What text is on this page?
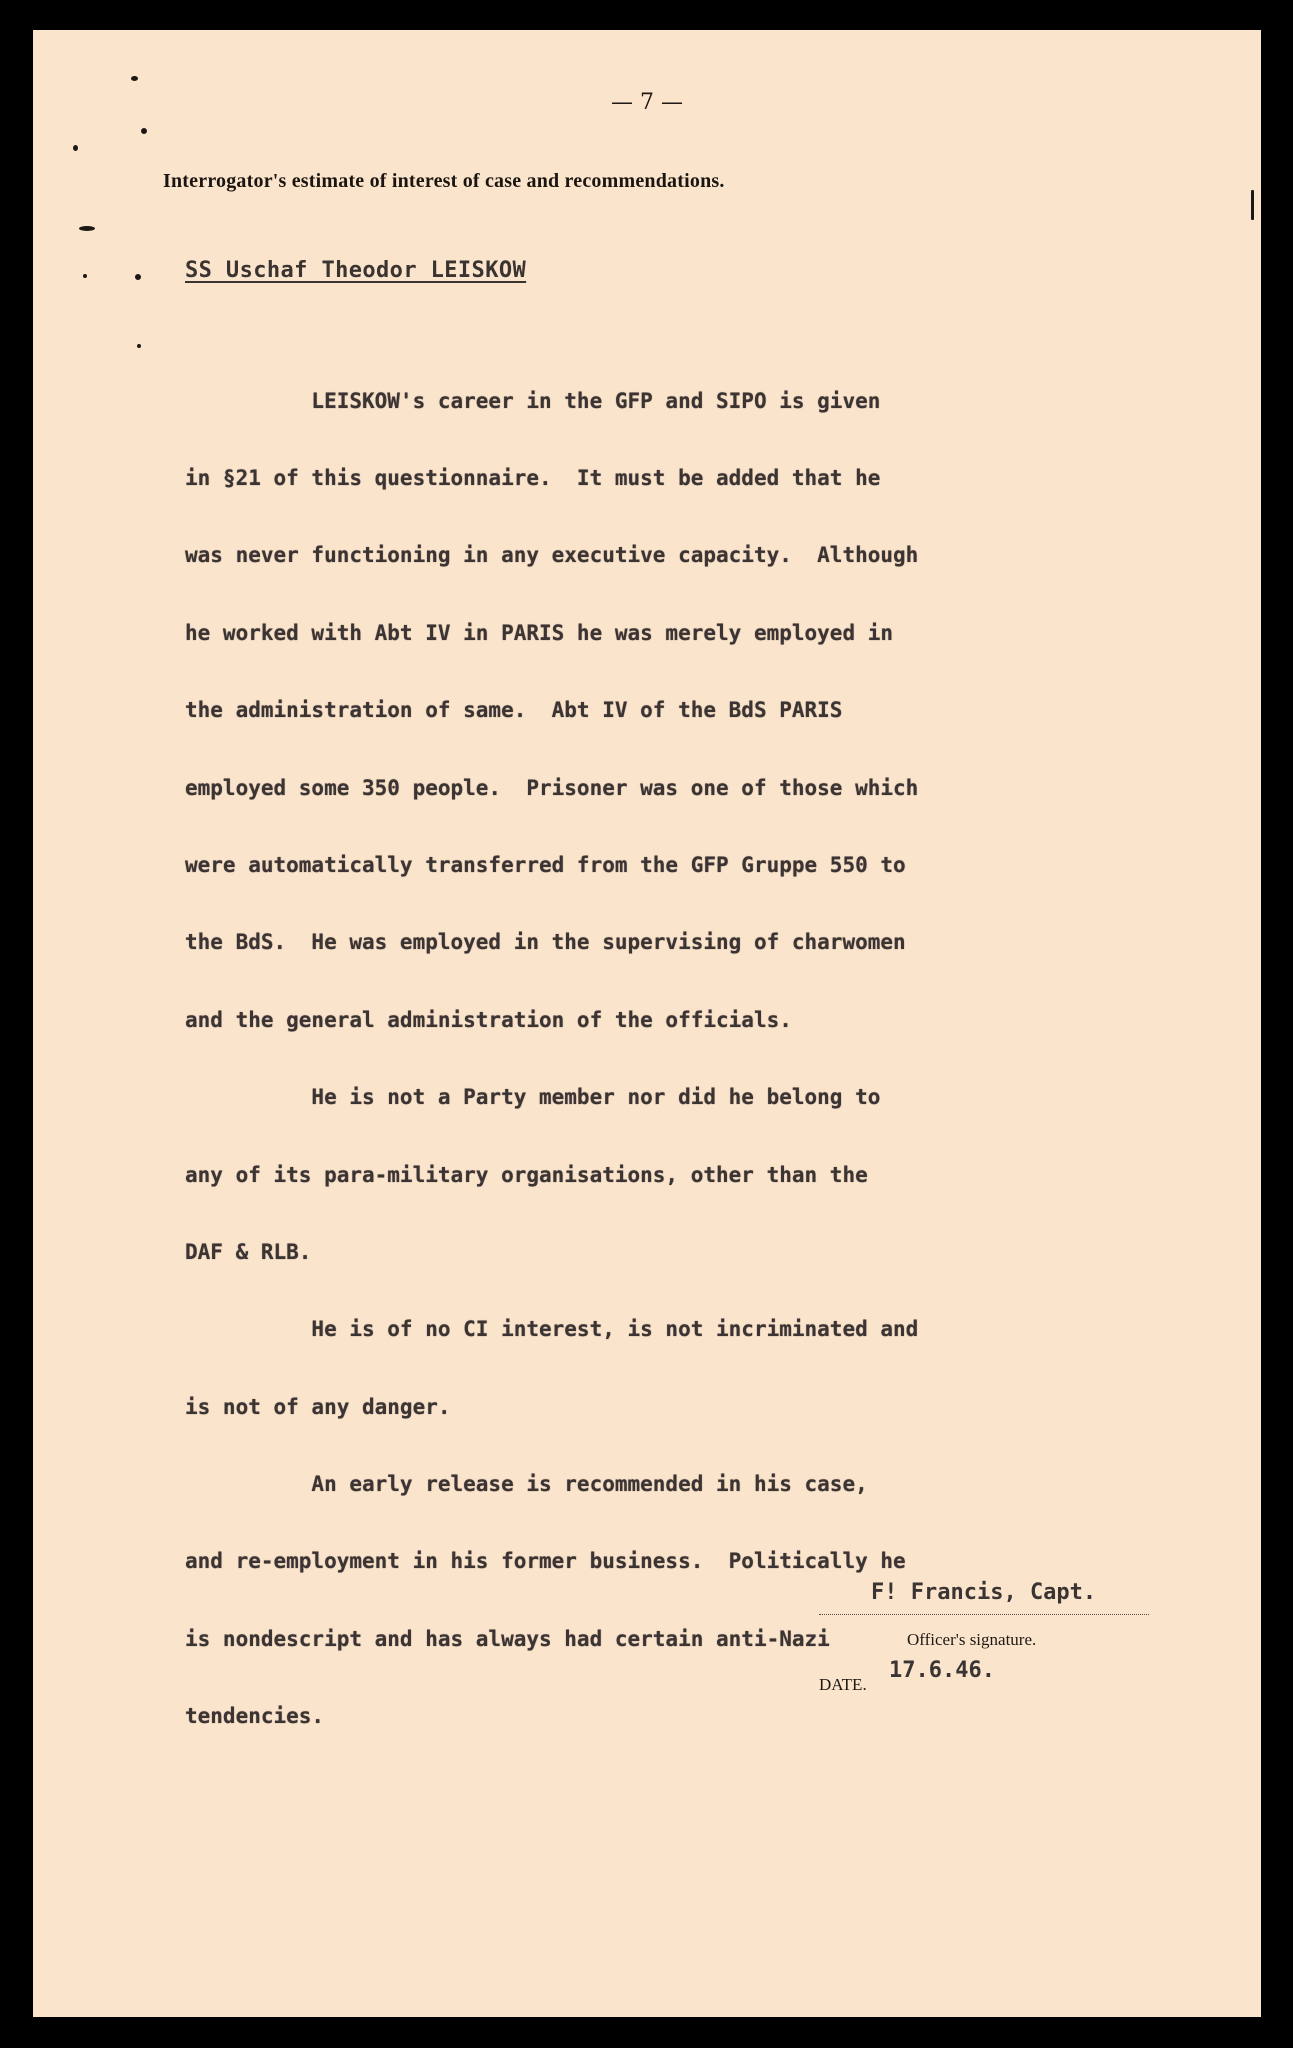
— 7 —
Interrogator's estimate of interest of case and recommendations.
SS Uschaf Theodor LEISKOW

LEISKOW's career in the GFP and SIPO is given

in §21 of this questionnaire.  It must be added that he

was never functioning in any executive capacity.  Although

he worked with Abt IV in PARIS he was merely employed in

the administration of same.  Abt IV of the BdS PARIS

employed some 350 people.  Prisoner was one of those which

were automatically transferred from the GFP Gruppe 550 to

the BdS.  He was employed in the supervising of charwomen

and the general administration of the officials.

He is not a Party member nor did he belong to

any of its para-military organisations, other than the

DAF & RLB.

He is of no CI interest, is not incriminated and

is not of any danger.

An early release is recommended in his case,

and re-employment in his former business.  Politically he

is nondescript and has always had certain anti-Nazi

tendencies.

F! Francis, Capt.
Officer's signature.
DATE.
17.6.46.
